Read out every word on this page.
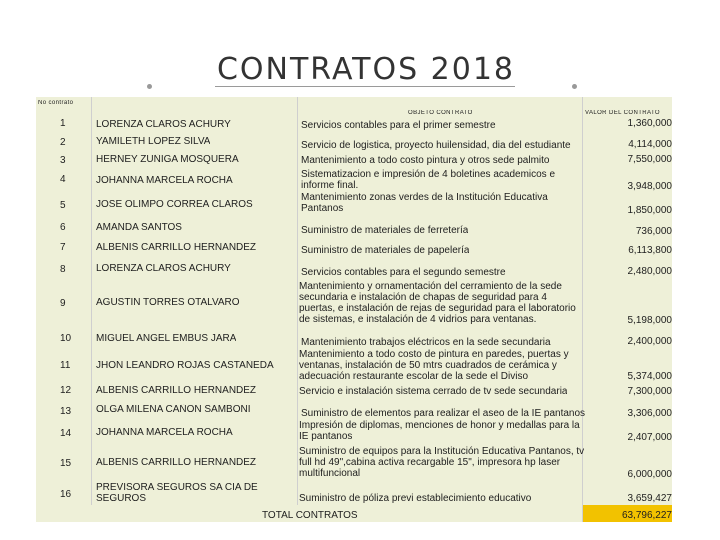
CONTRATOS 2018
No contrato
OBJETO CONTRATO	VALOR DEL CONTRATO
1
2
3
4
5
6
7
8
9
10
11
12
13
14
15
16
LORENZA CLAROS ACHURY
YAMILETH LOPEZ SILVA
HERNEY ZUÑIGA MOSQUERA
JOHANNA MARCELA ROCHA
JOSE OLIMPO CORREA CLAROS
AMANDA SANTOS
ALBENIS CARRILLO HERNANDEZ
LORENZA CLAROS ACHURY
AGUSTIN TORRES OTALVARO
MIGUEL ANGEL EMBUS JARA
JHON LEANDRO ROJAS CASTAÑEDA
ALBENIS CARRILLO HERNANDEZ
OLGA MILENA CAÑON SAMBONI
JOHANNA MARCELA ROCHA
ALBENIS CARRILLO HERNANDEZ
PREVISORA SEGUROS SA CIA DE
SEGUROS
Servicios contables para el primer semestre
Servicio de logistica, proyecto huilensidad, dia del estudiante
Mantenimiento a todo costo pintura y otros sede palmito
Sistematizacion e impresión de 4 boletines academicos e
informe final.
Mantenimiento zonas verdes de la Institución Educativa
Pantanos
Suministro de materiales de ferretería
Suministro de materiales de papelería
Servicios contables para el segundo semestre
Mantenimiento y ornamentación del cerramiento de la sede
secundaria e instalación de chapas de seguridad para 4
puertas, e instalación de rejas de seguridad para el laboratorio
de sistemas, e instalación de 4 vidrios para ventanas.
Mantenimiento trabajos eléctricos en la sede secundaria
Mantenimiento a todo costo de pintura en paredes, puertas y
ventanas, instalación de 50 mtrs cuadrados de cerámica y
adecuación restaurante escolar de la sede el Diviso
Servicio e instalación sistema cerrado de tv sede secundaria
Suministro de elementos para realizar el aseo de la IE pantanos
Impresión de diplomas, menciones de honor y medallas para la
IE pantanos
Suministro de equipos para la Institución Educativa Pantanos, tv
full hd 49",cabina activa recargable 15", impresora hp laser
multifuncional
Suministro de póliza previ establecimiento educativo
1,360,000
4,114,000
7,550,000
3,948,000
1,850,000
736,000
6,113,800
2,480,000
5,198,000
2,400,000
5,374,000
7,300,000
3,306,000
2,407,000
6,000,000
3,659,427
TOTAL CONTRATOS	63,796,227
